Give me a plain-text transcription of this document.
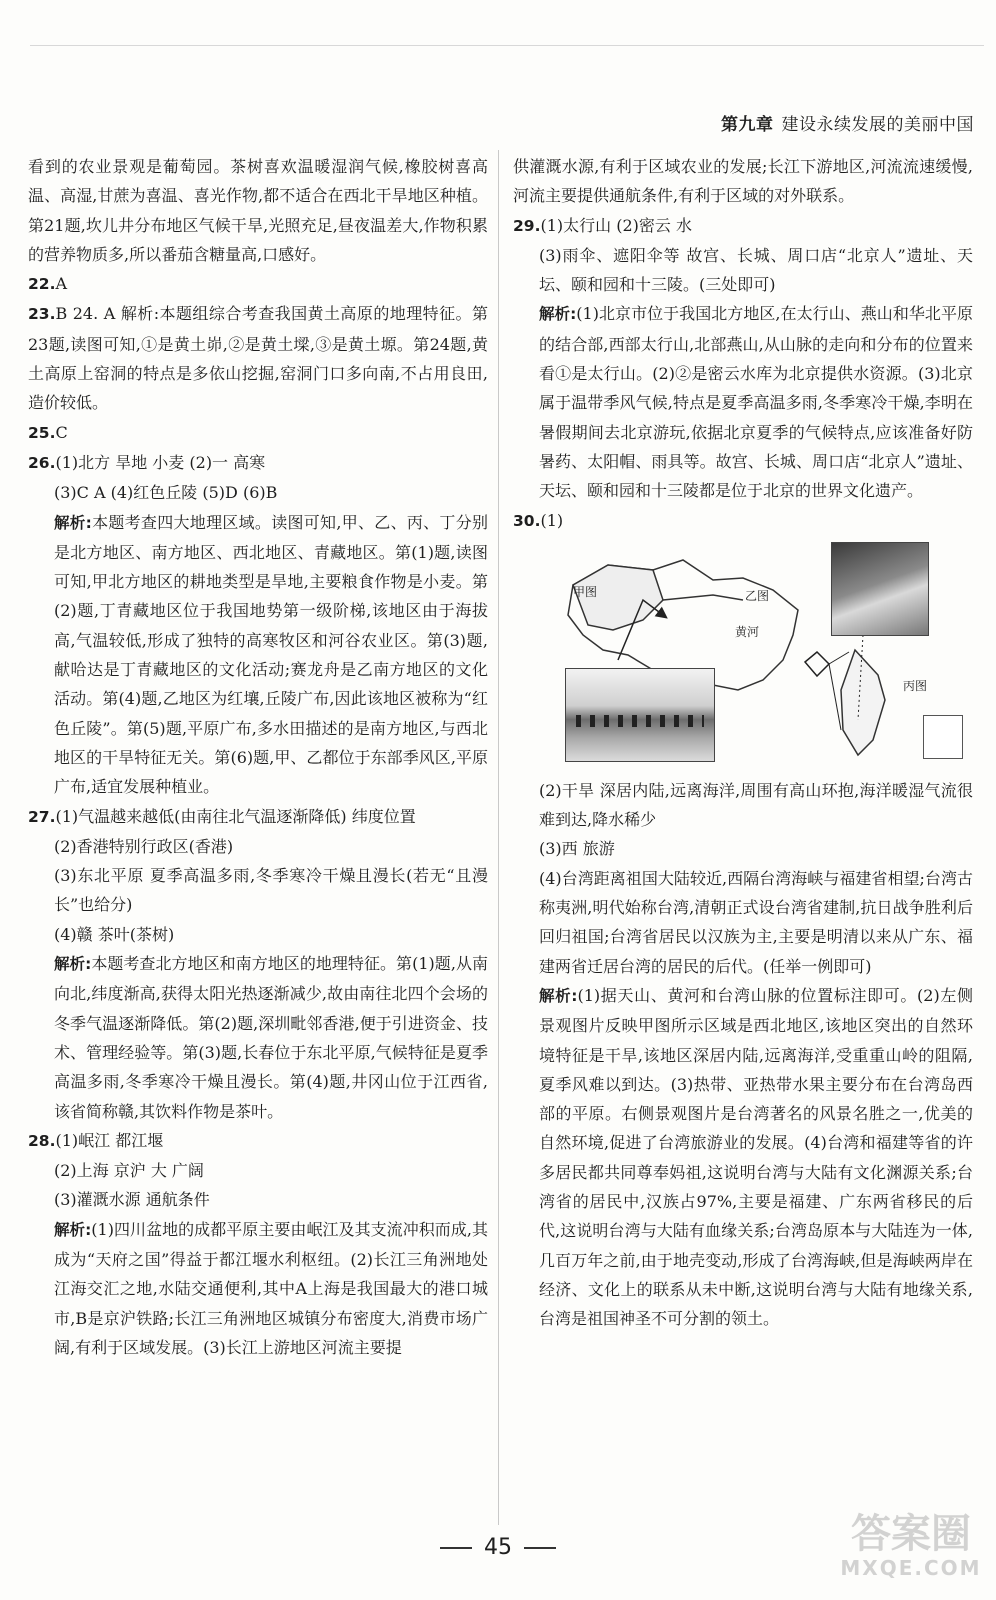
第九章 建设永续发展的美丽中国

看到的农业景观是葡萄园。茶树喜欢温暖湿润气候,橡胶树喜高温、高湿,甘蔗为喜温、喜光作物,都不适合在西北干旱地区种植。第21题,坎儿井分布地区气候干旱,光照充足,昼夜温差大,作物积累的营养物质多,所以番茄含糖量高,口感好。

22.A

23.B 24. A 解析:本题组综合考查我国黄土高原的地理特征。第23题,读图可知,①是黄土峁,②是黄土墚,③是黄土塬。第24题,黄土高原上窑洞的特点是多依山挖掘,窑洞门口多向南,不占用良田,造价较低。

25.C

26.(1)北方 旱地 小麦 (2)一 高寒

(3)C A (4)红色丘陵 (5)D (6)B

解析:本题考查四大地理区域。读图可知,甲、乙、丙、丁分别是北方地区、南方地区、西北地区、青藏地区。第(1)题,读图可知,甲北方地区的耕地类型是旱地,主要粮食作物是小麦。第(2)题,丁青藏地区位于我国地势第一级阶梯,该地区由于海拔高,气温较低,形成了独特的高寒牧区和河谷农业区。第(3)题,献哈达是丁青藏地区的文化活动;赛龙舟是乙南方地区的文化活动。第(4)题,乙地区为红壤,丘陵广布,因此该地区被称为“红色丘陵”。第(5)题,平原广布,多水田描述的是南方地区,与西北地区的干旱特征无关。第(6)题,甲、乙都位于东部季风区,平原广布,适宜发展种植业。

27.(1)气温越来越低(由南往北气温逐渐降低) 纬度位置

(2)香港特别行政区(香港)

(3)东北平原 夏季高温多雨,冬季寒冷干燥且漫长(若无“且漫长”也给分)

(4)赣 茶叶(茶树)

解析:本题考查北方地区和南方地区的地理特征。第(1)题,从南向北,纬度渐高,获得太阳光热逐渐减少,故由南往北四个会场的冬季气温逐渐降低。第(2)题,深圳毗邻香港,便于引进资金、技术、管理经验等。第(3)题,长春位于东北平原,气候特征是夏季高温多雨,冬季寒冷干燥且漫长。第(4)题,井冈山位于江西省,该省简称赣,其饮料作物是茶叶。

28.(1)岷江 都江堰

(2)上海 京沪 大 广阔

(3)灌溉水源 通航条件

解析:(1)四川盆地的成都平原主要由岷江及其支流冲积而成,其成为“天府之国”得益于都江堰水利枢纽。(2)长江三角洲地处江海交汇之地,水陆交通便利,其中A上海是我国最大的港口城市,B是京沪铁路;长江三角洲地区城镇分布密度大,消费市场广阔,有利于区域发展。(3)长江上游地区河流主要提

供灌溉水源,有利于区域农业的发展;长江下游地区,河流流速缓慢,河流主要提供通航条件,有利于区域的对外联系。

29.(1)太行山 (2)密云 水

(3)雨伞、遮阳伞等 故宫、长城、周口店“北京人”遗址、天坛、颐和园和十三陵。(三处即可)

解析:(1)北京市位于我国北方地区,在太行山、燕山和华北平原的结合部,西部太行山,北部燕山,从山脉的走向和分布的位置来看①是太行山。(2)②是密云水库为北京提供水资源。(3)北京属于温带季风气候,特点是夏季高温多雨,冬季寒冷干燥,李明在暑假期间去北京游玩,依据北京夏季的气候特点,应该准备好防暑药、太阳帽、雨具等。故宫、长城、周口店“北京人”遗址、天坛、颐和园和十三陵都是位于北京的世界文化遗产。

30.(1)

甲图	乙图
黄河
丙图

(2)干旱 深居内陆,远离海洋,周围有高山环抱,海洋暖湿气流很难到达,降水稀少

(3)西 旅游

(4)台湾距离祖国大陆较近,西隔台湾海峡与福建省相望;台湾古称夷洲,明代始称台湾,清朝正式设台湾省建制,抗日战争胜利后回归祖国;台湾省居民以汉族为主,主要是明清以来从广东、福建两省迁居台湾的居民的后代。(任举一例即可)

解析:(1)据天山、黄河和台湾山脉的位置标注即可。(2)左侧景观图片反映甲图所示区域是西北地区,该地区突出的自然环境特征是干旱,该地区深居内陆,远离海洋,受重重山岭的阻隔,夏季风难以到达。(3)热带、亚热带水果主要分布在台湾岛西部的平原。右侧景观图片是台湾著名的风景名胜之一,优美的自然环境,促进了台湾旅游业的发展。(4)台湾和福建等省的许多居民都共同尊奉妈祖,这说明台湾与大陆有文化渊源关系;台湾省的居民中,汉族占97%,主要是福建、广东两省移民的后代,这说明台湾与大陆有血缘关系;台湾岛原本与大陆连为一体,几百万年之前,由于地壳变动,形成了台湾海峡,但是海峡两岸在经济、文化上的联系从未中断,这说明台湾与大陆有地缘关系,台湾是祖国神圣不可分割的领土。

45	答案圈
MXQE.COM
